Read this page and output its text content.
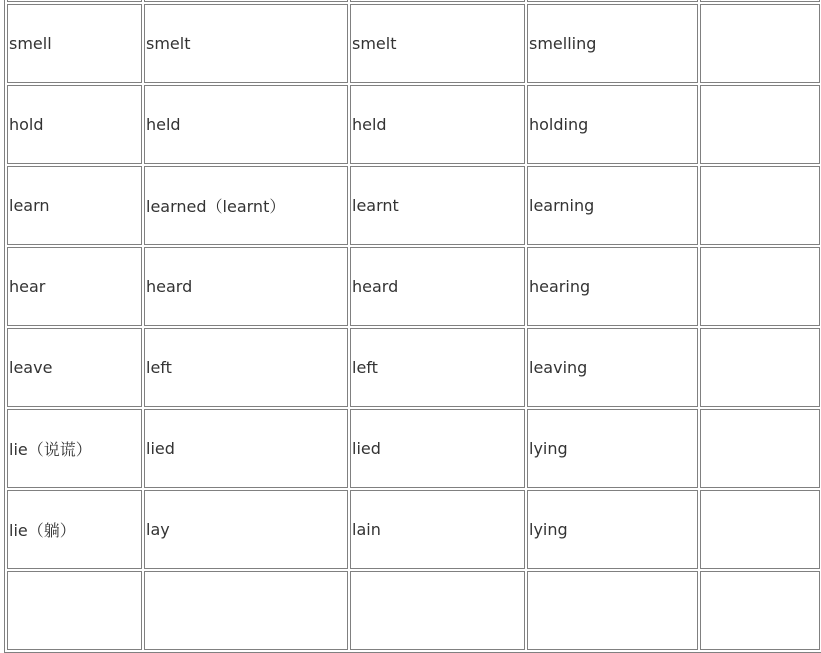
smell	smelt	smelt	smelling	
hold	held	held	holding	
learn	learned（learnt）	learnt	learning	
hear	heard	heard	hearing	
leave	left	left	leaving	
lie（说谎）	lied	lied	lying	
lie（躺）	lay	lain	lying	
